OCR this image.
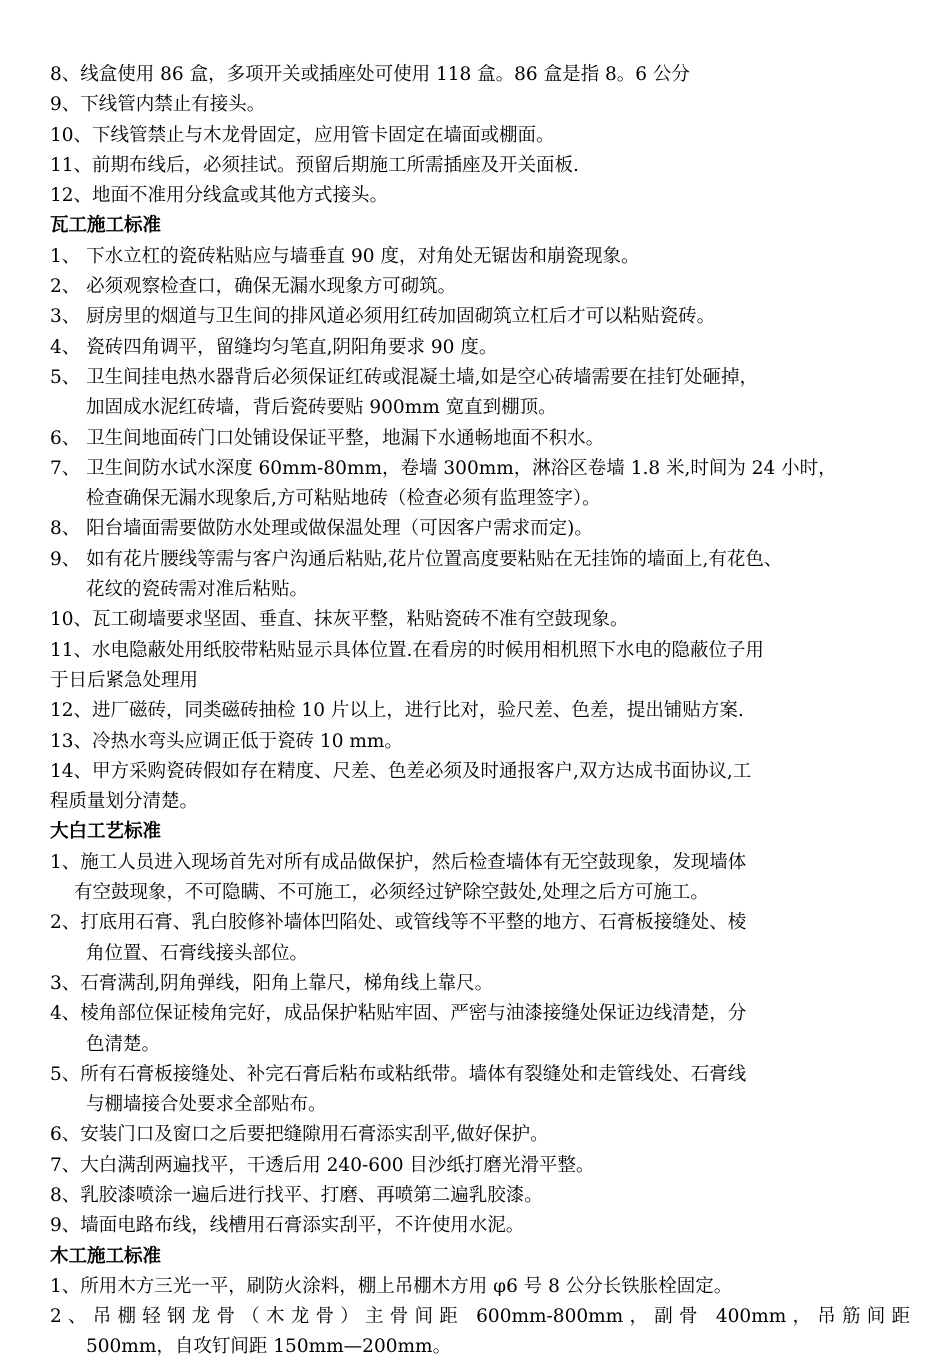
8、线盒使用 86 盒，多项开关或插座处可使用 118 盒。86 盒是指 8。6 公分

9、下线管内禁止有接头。

10、下线管禁止与木龙骨固定，应用管卡固定在墙面或棚面。

11、前期布线后，必须挂试。预留后期施工所需插座及开关面板.

12、地面不准用分线盒或其他方式接头。

瓦工施工标准

1、 下水立杠的瓷砖粘贴应与墙垂直 90 度，对角处无锯齿和崩瓷现象。

2、 必须观察检查口，确保无漏水现象方可砌筑。

3、 厨房里的烟道与卫生间的排风道必须用红砖加固砌筑立杠后才可以粘贴瓷砖。

4、 瓷砖四角调平，留缝均匀笔直,阴阳角要求 90 度。

5、 卫生间挂电热水器背后必须保证红砖或混凝土墙,如是空心砖墙需要在挂钉处砸掉，

加固成水泥红砖墙，背后瓷砖要贴 900mm 宽直到棚顶。

6、 卫生间地面砖门口处铺设保证平整，地漏下水通畅地面不积水。

7、 卫生间防水试水深度 60mm-80mm，卷墙 300mm，淋浴区卷墙 1.8 米,时间为 24 小时，

检查确保无漏水现象后,方可粘贴地砖（检查必须有监理签字）。

8、 阳台墙面需要做防水处理或做保温处理（可因客户需求而定)。

9、 如有花片腰线等需与客户沟通后粘贴,花片位置高度要粘贴在无挂饰的墙面上,有花色、

花纹的瓷砖需对准后粘贴。

10、瓦工砌墙要求坚固、垂直、抹灰平整，粘贴瓷砖不准有空鼓现象。

11、水电隐蔽处用纸胶带粘贴显示具体位置.在看房的时候用相机照下水电的隐蔽位子用

于日后紧急处理用

12、进厂磁砖，同类磁砖抽检 10 片以上，进行比对，验尺差、色差，提出铺贴方案.

13、冷热水弯头应调正低于瓷砖 10 mm。

14、甲方采购瓷砖假如存在精度、尺差、色差必须及时通报客户,双方达成书面协议,工

程质量划分清楚。

大白工艺标准

1、施工人员进入现场首先对所有成品做保护，然后检查墙体有无空鼓现象，发现墙体

有空鼓现象，不可隐瞒、不可施工，必须经过铲除空鼓处,处理之后方可施工。

2、打底用石膏、乳白胶修补墙体凹陷处、或管线等不平整的地方、石膏板接缝处、棱

角位置、石膏线接头部位。

3、石膏满刮,阴角弹线，阳角上靠尺，梯角线上靠尺。

4、棱角部位保证棱角完好，成品保护粘贴牢固、严密与油漆接缝处保证边线清楚，分

色清楚。

5、所有石膏板接缝处、补完石膏后粘布或粘纸带。墙体有裂缝处和走管线处、石膏线

与棚墙接合处要求全部贴布。

6、安装门口及窗口之后要把缝隙用石膏添实刮平,做好保护。

7、大白满刮两遍找平，干透后用 240-600 目沙纸打磨光滑平整。

8、乳胶漆喷涂一遍后进行找平、打磨、再喷第二遍乳胶漆。

9、墙面电路布线，线槽用石膏添实刮平，不许使用水泥。

木工施工标准

1、所用木方三光一平，刷防火涂料，棚上吊棚木方用 φ6 号 8 公分长铁胀栓固定。

2、吊棚轻钢龙骨（木龙骨）主骨间距 600mm-800mm，副骨 400mm，吊筋间距

500mm，自攻钉间距 150mm—200mm。
